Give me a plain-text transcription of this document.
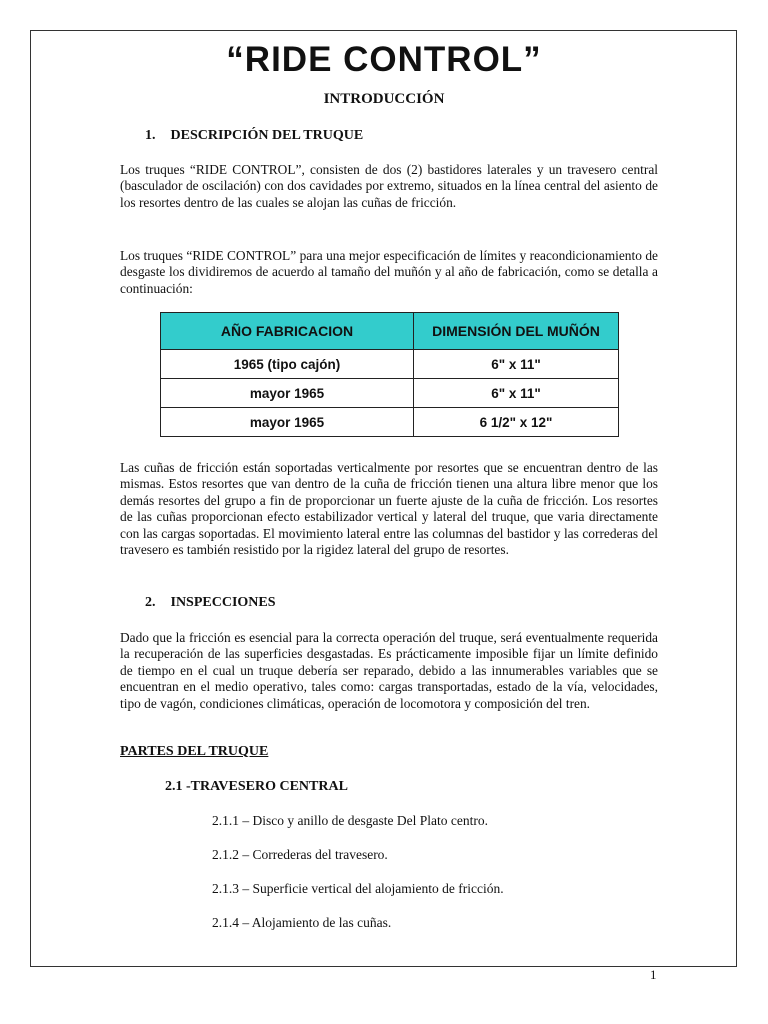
“RIDE CONTROL”
INTRODUCCIÓN
1. DESCRIPCIÓN DEL TRUQUE

Los truques “RIDE CONTROL”, consisten de dos (2) bastidores laterales y un travesero central (basculador de oscilación) con dos cavidades por extremo, situados en la línea central del asiento de los resortes dentro de las cuales se alojan las cuñas de fricción.

Los truques “RIDE CONTROL” para una mejor especificación de límites y reacondicionamiento de desgaste los dividiremos de acuerdo al tamaño del muñón y al año de fabricación, como se detalla a continuación:

AÑO FABRICACION	DIMENSIÓN DEL MUÑÓN
1965 (tipo cajón)	6" x 11"
mayor 1965	6" x 11"
mayor 1965	6 1/2" x 12"

Las cuñas de fricción están soportadas verticalmente por resortes que se encuentran dentro de las mismas. Estos resortes que van dentro de la cuña de fricción tienen una altura libre menor que los demás resortes del grupo a fin de proporcionar un fuerte ajuste de la cuña de fricción. Los resortes de las cuñas proporcionan efecto estabilizador vertical y lateral del truque, que varia directamente con las cargas soportadas. El movimiento lateral entre las columnas del bastidor y las correderas del travesero es también resistido por la rigidez lateral del grupo de resortes.

2. INSPECCIONES

Dado que la fricción es esencial para la correcta operación del truque, será eventualmente requerida la recuperación de las superficies desgastadas. Es prácticamente imposible fijar un límite definido de tiempo en el cual un truque debería ser reparado, debido a las innumerables variables que se encuentran en el medio operativo, tales como: cargas transportadas, estado de la vía, velocidades, tipo de vagón, condiciones climáticas, operación de locomotora y composición del tren.

PARTES DEL TRUQUE
2.1 -TRAVESERO CENTRAL
2.1.1 – Disco y anillo de desgaste Del Plato centro.
2.1.2 – Correderas del travesero.
2.1.3 – Superficie vertical del alojamiento de fricción.
2.1.4 – Alojamiento de las cuñas.
1
